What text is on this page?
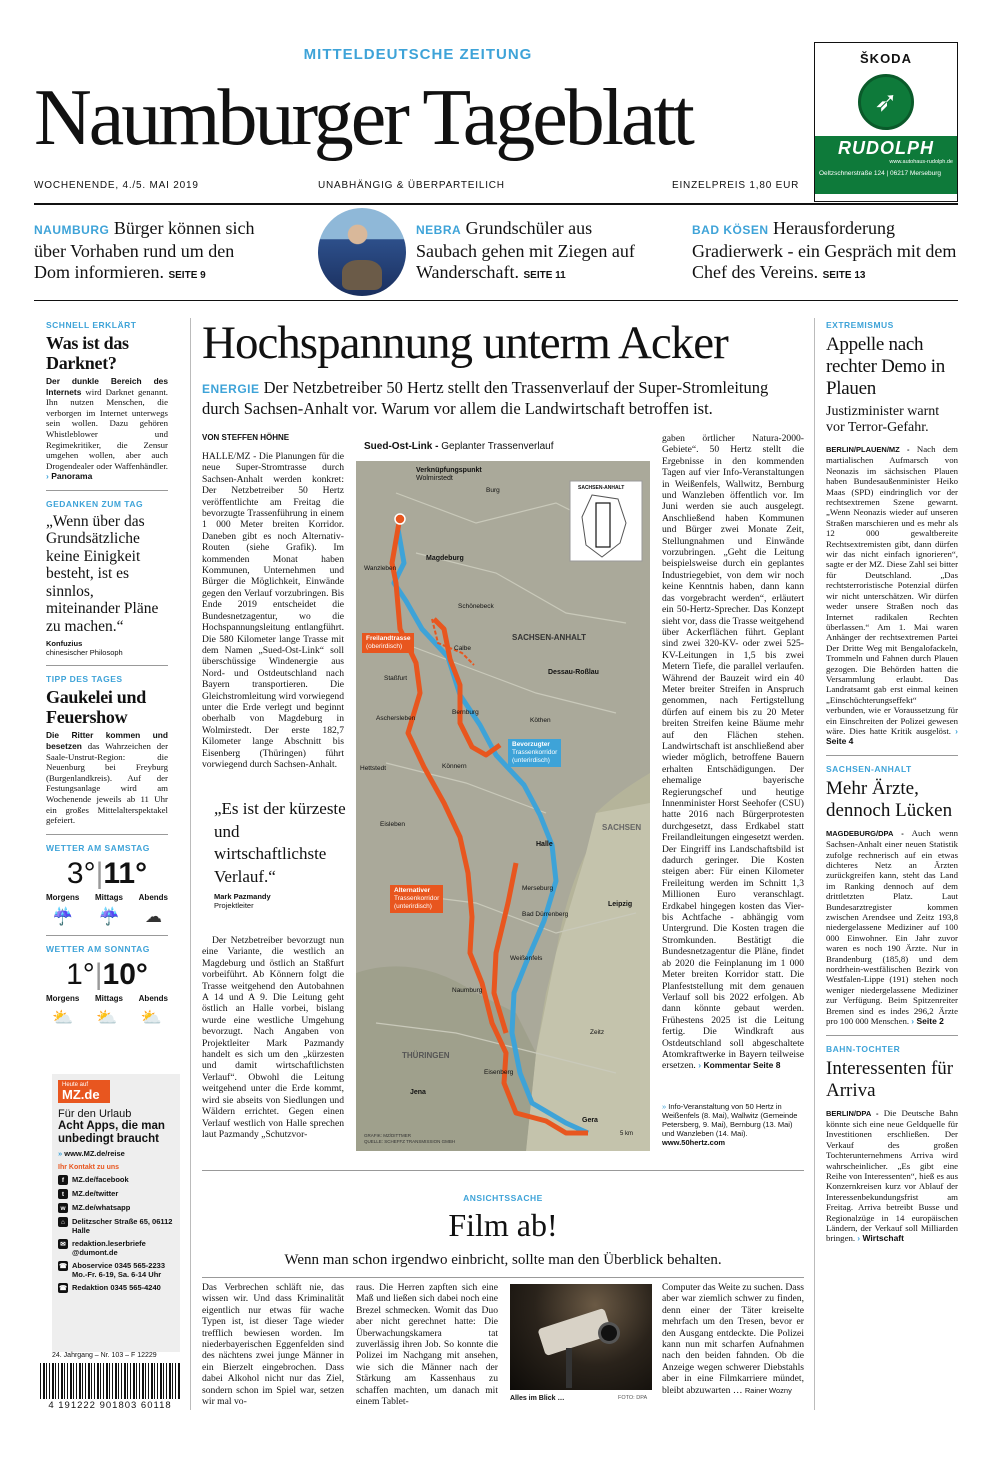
MITTELDEUTSCHE ZEITUNG
Naumburger Tageblatt
WOCHENENDE, 4./5. MAI 2019	UNABHÄNGIG & ÜBERPARTEILICH	EINZELPREIS 1,80 EUR
ŠKODA
➶
RUDOLPH
www.autohaus-rudolph.de
Oeltzschnerstraße 124 | 06217 Merseburg
NAUMBURG Bürger können sich über Vorhaben rund um den Dom informieren. SEITE 9
NEBRA Grundschüler aus Saubach gehen mit Ziegen auf Wanderschaft. SEITE 11
BAD KÖSEN Herausforderung Gradierwerk - ein Gespräch mit dem Chef des Vereins. SEITE 13
SCHNELL ERKLÄRT
Was ist das Darknet?
Der dunkle Bereich des Internets wird Darknet genannt. Ihn nutzen Menschen, die verborgen im Internet unterwegs sein wollen. Dazu gehören Whistleblower und Regimekritiker, die Zensur umgehen wollen, aber auch Drogendealer oder Waffenhändler. › Panorama
GEDANKEN ZUM TAG
„Wenn über das Grundsätzliche keine Einigkeit besteht, ist es sinnlos, miteinander Pläne zu machen.“
Konfuzius
chinesischer Philosoph
TIPP DES TAGES
Gaukelei und Feuershow
Die Ritter kommen und besetzen das Wahrzeichen der Saale-Unstrut-Region: die Neuenburg bei Freyburg (Burgenlandkreis). Auf der Festungsanlage wird am Wochenende jeweils ab 11 Uhr ein großes Mittelalterspektakel gefeiert.
WETTER AM SAMSTAG
3°|11°
Morgens Mittags Abends
☔ ☔ ☁
WETTER AM SONNTAG
1°|10°
Morgens Mittags Abends
⛅ ⛅ ⛅
Heute auf
MZ.de
Für den Urlaub
Acht Apps, die man unbedingt braucht
» www.MZ.de/reise
Ihr Kontakt zu uns
f	MZ.de/facebook
t	MZ.de/twitter
w MZ.de/whatsapp
⌂ Delitzscher Straße 65, 06112 Halle
✉ redaktion.leserbriefe @dumont.de
☎ Aboservice 0345 565-2233 Mo.-Fr. 6-19, Sa. 6-14 Uhr
☎ Redaktion 0345 565-4240
24. Jahrgang – Nr. 103 – F 12229
4 191222 901803 60118
Hochspannung unterm Acker
ENERGIE Der Netzbetreiber 50 Hertz stellt den Trassenverlauf der Super-Stromleitung durch Sachsen-Anhalt vor. Warum vor allem die Landwirtschaft betroffen ist.
VON STEFFEN HÖHNE
HALLE/MZ - Die Planungen für die neue Super-Stromtrasse durch Sachsen-Anhalt werden konkret: Der Netzbetreiber 50 Hertz veröffentlichte am Freitag die bevorzugte Trassenführung in einem 1 000 Meter breiten Korridor. Daneben gibt es noch Alternativ-Routen (siehe Grafik). Im kommenden Monat haben Kommunen, Unternehmen und Bürger die Möglichkeit, Einwände gegen den Verlauf vorzubringen. Bis Ende 2019 entscheidet die Bundesnetzagentur, wo die Hochspannungsleitung entlangführt. Die 580 Kilometer lange Trasse mit dem Namen „Sued-Ost-Link“ soll überschüssige Windenergie aus Nord- und Ostdeutschland nach Bayern transportieren. Die Gleichstromleitung wird vorwiegend unter die Erde verlegt und beginnt oberhalb von Magdeburg in Wolmirstedt. Der erste 182,7 Kilometer lange Abschnitt bis Eisenberg (Thüringen) führt vorwiegend durch Sachsen-Anhalt.
„Es ist der kürzeste und wirtschaftlichste Verlauf.“
Mark Pazmandy
Projektleiter
Der Netzbetreiber bevorzugt nun eine Variante, die westlich an Magdeburg und östlich an Staßfurt vorbeiführt. Ab Könnern folgt die Trasse weitgehend den Autobahnen A 14 und A 9. Die Leitung geht östlich an Halle vorbei, bislang wurde eine westliche Umgehung bevorzugt. Nach Angaben von Projektleiter Mark Pazmandy handelt es sich um den „kürzesten und damit wirtschaftlichsten Verlauf“. Obwohl die Leitung weitgehend unter die Erde kommt, wird sie abseits von Siedlungen und Wäldern errichtet. Gegen einen Verlauf westlich von Halle sprechen laut Pazmandy „Schutzvor-
Sued-Ost-Link - Geplanter Trassenverlauf
SACHSEN-ANHALT
Verknüpfungspunkt
Wolmirstedt
Freilandtrasse
(oberirdisch)
Bevorzugter
Trassenkorridor
(unterirdisch)
Alternativer
Trassenkorridor
(unterirdisch)
SACHSEN-ANHALT
SACHSEN
THÜRINGEN
Burg
Magdeburg
Schönebeck
Wanzleben
Calbe
Dessau-Roßlau
Staßfurt
Aschersleben
Bernburg
Köthen
Hettstedt	Könnern
Eisleben
Halle
Merseburg
Leipzig
Bad Dürrenberg
Weißenfels
Naumburg
Zeitz
Eisenberg
Jena
Gera
5 km
GRAFIK: MZ/DITTMER
QUELLE: SCHEFFZ TRANSMISSION GMBH
gaben örtlicher Natura-2000-Gebiete“. 50 Hertz stellt die Ergebnisse in den kommenden Tagen auf vier Info-Veranstaltungen in Weißenfels, Wallwitz, Bernburg und Wanzleben öffentlich vor. Im Juni werden sie auch ausgelegt. Anschließend haben Kommunen und Bürger zwei Monate Zeit, Stellungnahmen und Einwände vorzubringen. „Geht die Leitung beispielsweise durch ein geplantes Industriegebiet, von dem wir noch keine Kenntnis haben, dann kann das vorgebracht werden“, erläutert ein 50-Hertz-Sprecher. Das Konzept sieht vor, dass die Trasse weitgehend über Ackerflächen führt. Geplant sind zwei 320-KV- oder zwei 525-KV-Leitungen in 1,5 bis zwei Metern Tiefe, die parallel verlaufen. Während der Bauzeit wird ein 40 Meter breiter Streifen in Anspruch genommen, nach Fertigstellung dürfen auf einem bis zu 20 Meter breiten Streifen keine Bäume mehr auf den Flächen stehen. Landwirtschaft ist anschließend aber wieder möglich, betroffene Bauern erhalten Entschädigungen. Der ehemalige bayerische Regierungschef und heutige Innenminister Horst Seehofer (CSU) hatte 2016 nach Bürgerprotesten durchgesetzt, dass Erdkabel statt Freilandleitungen eingesetzt werden. Der Eingriff ins Landschaftsbild ist dadurch geringer. Die Kosten steigen aber: Für einen Kilometer Freileitung werden im Schnitt 1,3 Millionen Euro veranschlagt. Erdkabel hingegen kosten das Vier- bis Achtfache - abhängig vom Untergrund. Die Kosten tragen die Stromkunden. Bestätigt die Bundesnetzagentur die Pläne, findet ab 2020 die Feinplanung im 1 000 Meter breiten Korridor statt. Die Planfeststellung mit dem genauen Verlauf soll bis 2022 erfolgen. Ab dann könnte gebaut werden. Frühestens 2025 ist die Leitung fertig. Die Windkraft aus Ostdeutschland soll abgeschaltete Atomkraftwerke in Bayern teilweise ersetzen. › Kommentar Seite 8
» Info-Veranstaltung von 50 Hertz in Weißenfels (8. Mai), Wallwitz (Gemeinde Petersberg, 9. Mai), Bernburg (13. Mai) und Wanzleben (14. Mai).
www.50hertz.com
ANSICHTSSACHE
Film ab!
Wenn man schon irgendwo einbricht, sollte man den Überblick behalten.
Das Verbrechen schläft nie, das wissen wir. Und dass Kriminalität eigentlich nur etwas für wache Typen ist, ist dieser Tage wieder trefflich bewiesen worden. Im niederbayerischen Eggenfelden sind des nächtens zwei junge Männer in ein Bierzelt eingebrochen. Dass dabei Alkohol nicht nur das Ziel, sondern schon im Spiel war, setzen wir mal vo-
raus. Die Herren zapften sich eine Maß und ließen sich dabei noch eine Brezel schmecken. Womit das Duo aber nicht gerechnet hatte: Die Überwachungskamera tat zuverlässig ihren Job. So konnte die Polizei im Nachgang mit ansehen, wie sich die Männer nach der Stärkung am Kassenhaus zu schaffen machten, um danach mit einem Tablet-	Alles im Blick …	FOTO: DPA
Computer das Weite zu suchen. Dass aber war ziemlich schwer zu finden, denn einer der Täter kreiselte mehrfach um den Tresen, bevor er den Ausgang entdeckte. Die Polizei kann nun mit scharfen Aufnahmen nach den beiden fahnden. Ob die Anzeige wegen schwerer Diebstahls aber in eine Filmkarriere mündet, bleibt abzuwarten … Rainer Wozny
EXTREMISMUS
Appelle nach rechter Demo in Plauen
Justizminister warnt vor Terror-Gefahr.
BERLIN/PLAUEN/MZ - Nach dem martialischen Aufmarsch von Neonazis im sächsischen Plauen haben Bundesaußenminister Heiko Maas (SPD) eindringlich vor der rechtsextremen Szene gewarnt. „Wenn Neonazis wieder auf unseren Straßen marschieren und es mehr als 12 000 gewaltbereite Rechtsextremisten gibt, dann dürfen wir das nicht einfach ignorieren“, sagte er der MZ. Diese Zahl sei bitter für Deutschland. „Das rechtsterroristische Potenzial dürfen wir nicht unterschätzen. Wir dürfen weder unsere Straßen noch das Internet radikalen Rechten überlassen.“ Am 1. Mai waren Anhänger der rechtsextremen Partei Der Dritte Weg mit Bengalofackeln, Trommeln und Fahnen durch Plauen gezogen. Die Behörden hatten die Versammlung erlaubt. Das Landratsamt gab erst einmal keinen „Einschüchterungseffekt“ verbunden, wie er Voraussetzung für ein Einschreiten der Polizei gewesen wäre. Dies hatte Kritik ausgelöst. › Seite 4
SACHSEN-ANHALT
Mehr Ärzte, dennoch Lücken
MAGDEBURG/DPA - Auch wenn Sachsen-Anhalt einer neuen Statistik zufolge rechnerisch auf ein etwas dichteres Netz an Ärzten zurückgreifen kann, steht das Land im Ranking dennoch auf dem drittletzten Platz. Laut Bundesarztregister kommen zwischen Arendsee und Zeitz 193,8 niedergelassene Mediziner auf 100 000 Einwohner. Ein Jahr zuvor waren es noch 190 Ärzte. Nur in Brandenburg (185,8) und dem nordrhein-westfälischen Bezirk von Westfalen-Lippe (191) stehen noch weniger niedergelassene Mediziner zur Verfügung. Beim Spitzenreiter Bremen sind es indes 296,2 Ärzte pro 100 000 Menschen. › Seite 2
BAHN-TOCHTER
Interessenten für Arriva
BERLIN/DPA - Die Deutsche Bahn könnte sich eine neue Geldquelle für Investitionen erschließen. Der Verkauf des großen Tochterunternehmens Arriva wird wahrscheinlicher. „Es gibt eine Reihe von Interessenten“, hieß es aus Konzernkreisen kurz vor Ablauf der Interessenbekundungsfrist am Freitag. Arriva betreibt Busse und Regionalzüge in 14 europäischen Ländern, der Verkauf soll Milliarden bringen. › Wirtschaft
